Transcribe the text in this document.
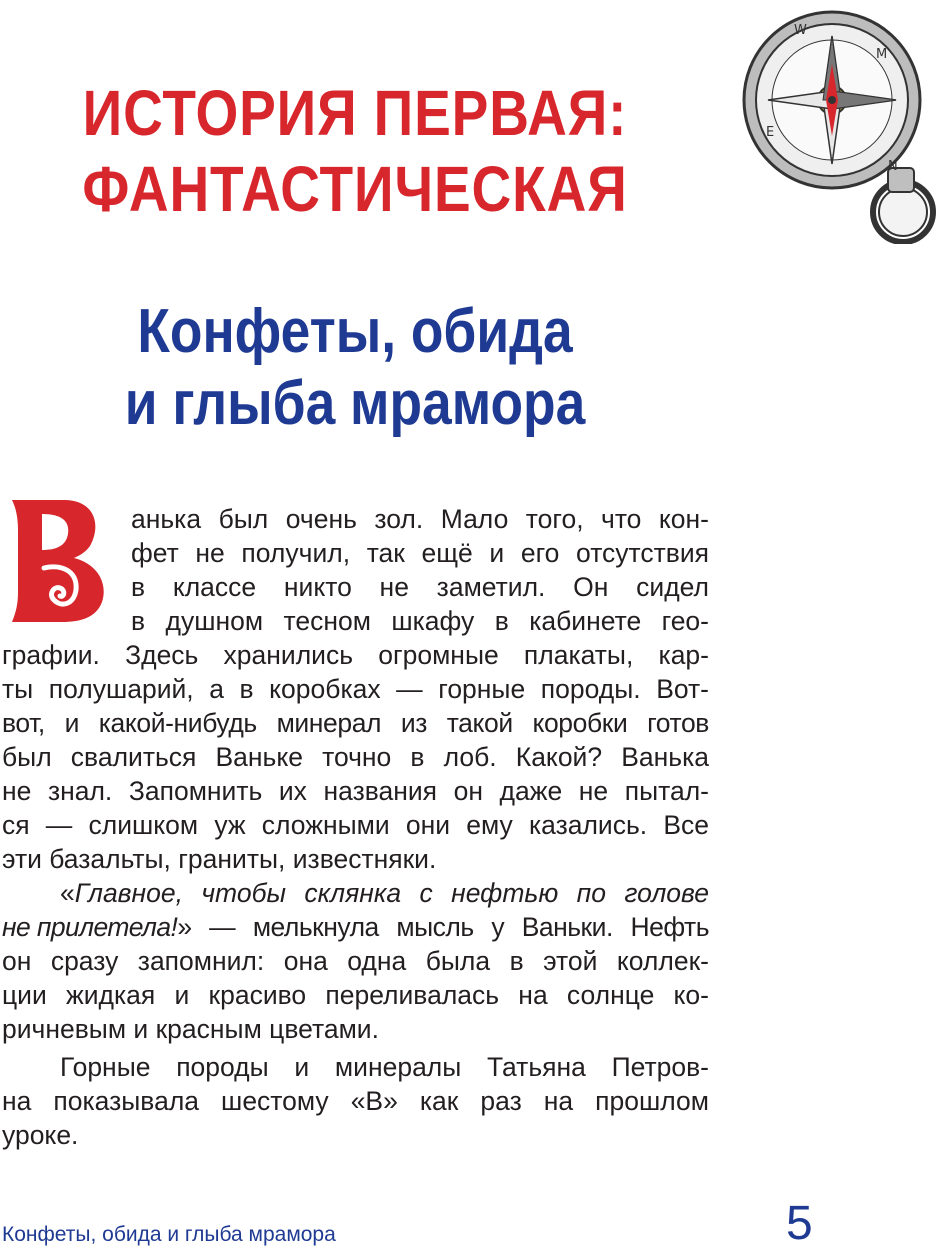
M
N
E
W
ИСТОРИЯ ПЕРВАЯ:
ФАНТАСТИЧЕСКАЯ
Конфеты, обида
и глыба мрамора
анька был очень зол. Мало того, что кон-
фет не получил, так ещё и его отсутствия
в классе никто не заметил. Он сидел
в душном тесном шкафу в кабинете гео-
графии. Здесь хранились огромные плакаты, кар-
ты полушарий, а в коробках — горные породы. Вот-
вот, и какой-нибудь минерал из такой коробки готов
был свалиться Ваньке точно в лоб. Какой? Ванька
не знал. Запомнить их названия он даже не пытал-
ся — слишком уж сложными они ему казались. Все
эти базальты, граниты, известняки.
« Главное, чтобы склянка с нефтью по голове
не прилетела! » — мелькнула мысль у Ваньки. Нефть
он сразу запомнил: она одна была в этой коллек-
ции жидкая и красиво переливалась на солнце ко-
ричневым и красным цветами.
Горные породы и минералы Татьяна Петров-
на показывала шестому «В» как раз на прошлом
уроке.
Конфеты, обида и глыба мрамора	5
